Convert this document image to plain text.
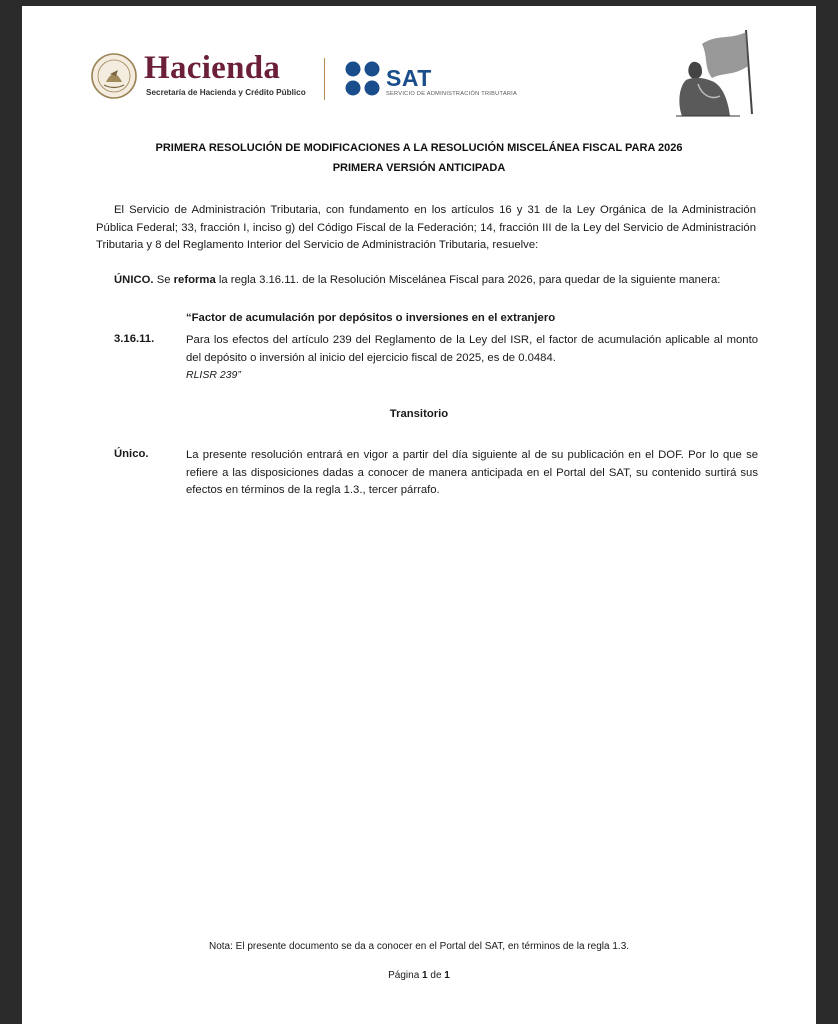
Hacienda
Secretaría de Hacienda y Crédito Público
SAT
SERVICIO DE ADMINISTRACIÓN TRIBUTARIA
PRIMERA RESOLUCIÓN DE MODIFICACIONES A LA RESOLUCIÓN MISCELÁNEA FISCAL PARA 2026
PRIMERA VERSIÓN ANTICIPADA
El Servicio de Administración Tributaria, con fundamento en los artículos 16 y 31 de la Ley Orgánica de la Administración Pública Federal; 33, fracción I, inciso g) del Código Fiscal de la Federación; 14, fracción III de la Ley del Servicio de Administración Tributaria y 8 del Reglamento Interior del Servicio de Administración Tributaria, resuelve:
ÚNICO. Se reforma la regla 3.16.11. de la Resolución Miscelánea Fiscal para 2026, para quedar de la siguiente manera:
“Factor de acumulación por depósitos o inversiones en el extranjero
3.16.11.	Para los efectos del artículo 239 del Reglamento de la Ley del ISR, el factor de acumulación aplicable al monto del depósito o inversión al inicio del ejercicio fiscal de 2025, es de 0.0484.
RLISR 239”
Transitorio
Único.	La presente resolución entrará en vigor a partir del día siguiente al de su publicación en el DOF. Por lo que se refiere a las disposiciones dadas a conocer de manera anticipada en el Portal del SAT, su contenido surtirá sus efectos en términos de la regla 1.3., tercer párrafo.
Nota: El presente documento se da a conocer en el Portal del SAT, en términos de la regla 1.3.
Página 1 de 1
